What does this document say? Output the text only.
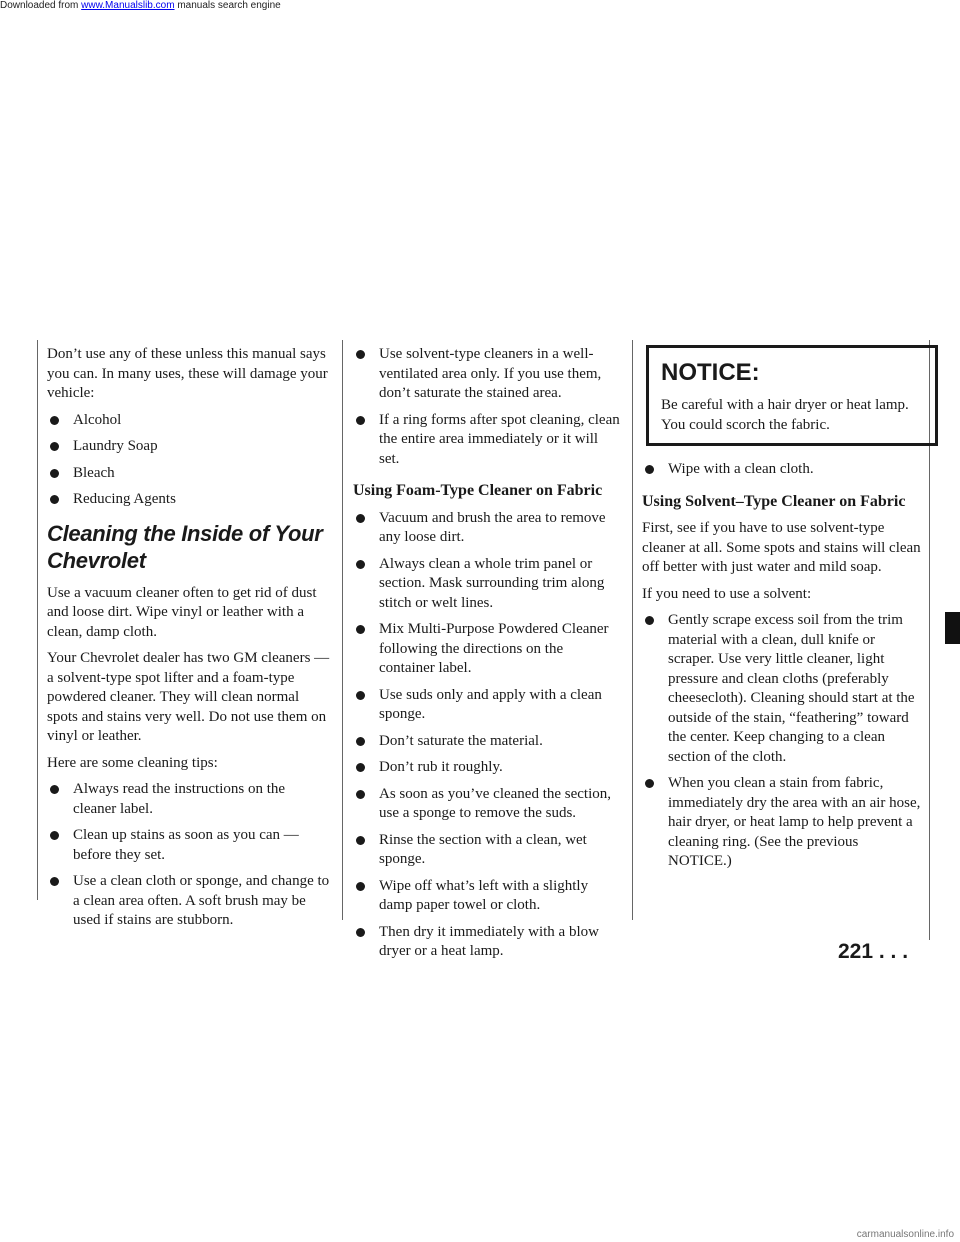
Downloaded from www.Manualslib.com manuals search engine

Don’t use any of these unless this manual says you can. In many uses, these will damage your vehicle:

Alcohol
Laundry Soap
Bleach
Reducing Agents
Cleaning the Inside of Your
Chevrolet

Use a vacuum cleaner often to get rid of dust and loose dirt. Wipe vinyl or leather with a clean, damp cloth.

Your Chevrolet dealer has two GM cleaners — a solvent-type spot lifter and a foam-type powdered cleaner. They will clean normal spots and stains very well. Do not use them on vinyl or leather.

Here are some cleaning tips:

Always read the instructions on the cleaner label.
Clean up stains as soon as you can — before they set.
Use a clean cloth or sponge, and change to a clean area often. A soft brush may be used if stains are stubborn.
Use solvent-type cleaners in a well-ventilated area only. If you use them, don’t saturate the stained area.
If a ring forms after spot cleaning, clean the entire area immediately or it will set.
Using Foam-Type Cleaner on Fabric
Vacuum and brush the area to remove any loose dirt.
Always clean a whole trim panel or section. Mask surrounding trim along stitch or welt lines.
Mix Multi-Purpose Powdered Cleaner following the directions on the container label.
Use suds only and apply with a clean sponge.
Don’t saturate the material.
Don’t rub it roughly.
As soon as you’ve cleaned the section, use a sponge to remove the suds.
Rinse the section with a clean, wet sponge.
Wipe off what’s left with a slightly damp paper towel or cloth.
Then dry it immediately with a blow dryer or a heat lamp.
NOTICE:
Be careful with a hair dryer or heat lamp. You could scorch the fabric.
Wipe with a clean cloth.
Using Solvent–Type Cleaner on Fabric

First, see if you have to use solvent-type cleaner at all. Some spots and stains will clean off better with just water and mild soap.

If you need to use a solvent:

Gently scrape excess soil from the trim material with a clean, dull knife or scraper. Use very little cleaner, light pressure and clean cloths (preferably cheesecloth). Cleaning should start at the outside of the stain, “feathering” toward the center. Keep changing to a clean section of the cloth.
When you clean a stain from fabric, immediately dry the area with an air hose, hair dryer, or heat lamp to help prevent a cleaning ring. (See the previous NOTICE.)
221 . . .
carmanualsonline.info
